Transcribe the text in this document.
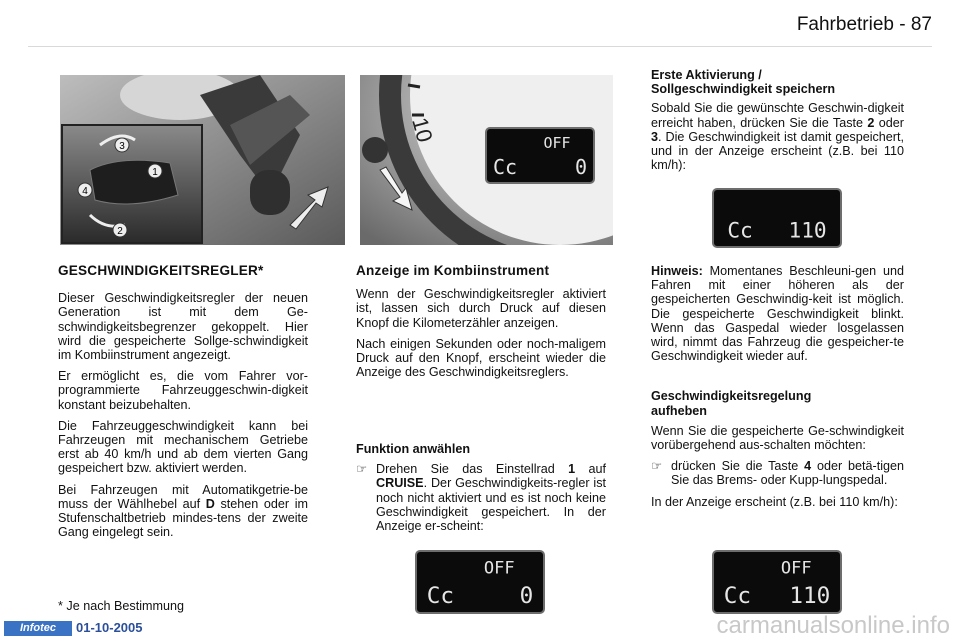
Fahrbetrieb - 87
3
1
4
2
10	OFF
Cc	0
GESCHWINDIGKEITSREGLER*

Dieser Geschwindigkeitsregler der neuen Generation ist mit dem Ge-schwindigkeitsbegrenzer gekoppelt. Hier wird die gespeicherte Sollge-schwindigkeit im Kombiinstrument angezeigt.

Er ermöglicht es, die vom Fahrer vor-programmierte Fahrzeuggeschwin-digkeit konstant beizubehalten.

Die Fahrzeuggeschwindigkeit kann bei Fahrzeugen mit mechanischem Getriebe erst ab 40 km/h und ab dem vierten Gang gespeichert bzw. aktiviert werden.

Bei Fahrzeugen mit Automatikgetrie-be muss der Wählhebel auf D stehen oder im Stufenschaltbetrieb mindes-tens der zweite Gang eingelegt sein.

* Je nach Bestimmung
Anzeige im Kombiinstrument

Wenn der Geschwindigkeitsregler aktiviert ist, lassen sich durch Druck auf diesen Knopf die Kilometerzähler anzeigen.

Nach einigen Sekunden oder noch-maligem Druck auf den Knopf, erscheint wieder die Anzeige des Geschwindigkeitsreglers.

Funktion anwählen
☞ Drehen Sie das Einstellrad 1 auf CRUISE. Der Geschwindigkeits-regler ist noch nicht aktiviert und es ist noch keine Geschwindigkeit gespeichert. In der Anzeige er-scheint:
OFF
Cc	0
Erste Aktivierung /
Sollgeschwindigkeit speichern

Sobald Sie die gewünschte Geschwin-digkeit erreicht haben, drücken Sie die Taste 2 oder 3. Die Geschwindigkeit ist damit gespeichert, und in der Anzeige erscheint (z.B. bei 110 km/h):

Cc 110

Hinweis: Momentanes Beschleuni-gen und Fahren mit einer höheren als der gespeicherten Geschwindig-keit ist möglich. Die gespeicherte Geschwindigkeit blinkt. Wenn das Gaspedal wieder losgelassen wird, nimmt das Fahrzeug die gespeicher-te Geschwindigkeit wieder auf.

Geschwindigkeitsregelung
aufheben

Wenn Sie die gespeicherte Ge-schwindigkeit vorübergehend aus-schalten möchten:

☞ drücken Sie die Taste 4 oder betä-tigen Sie das Brems- oder Kupp-lungspedal.

In der Anzeige erscheint (z.B. bei 110 km/h):

OFF
Cc 110
Infotec	01-10-2005	carmanualsonline.info
